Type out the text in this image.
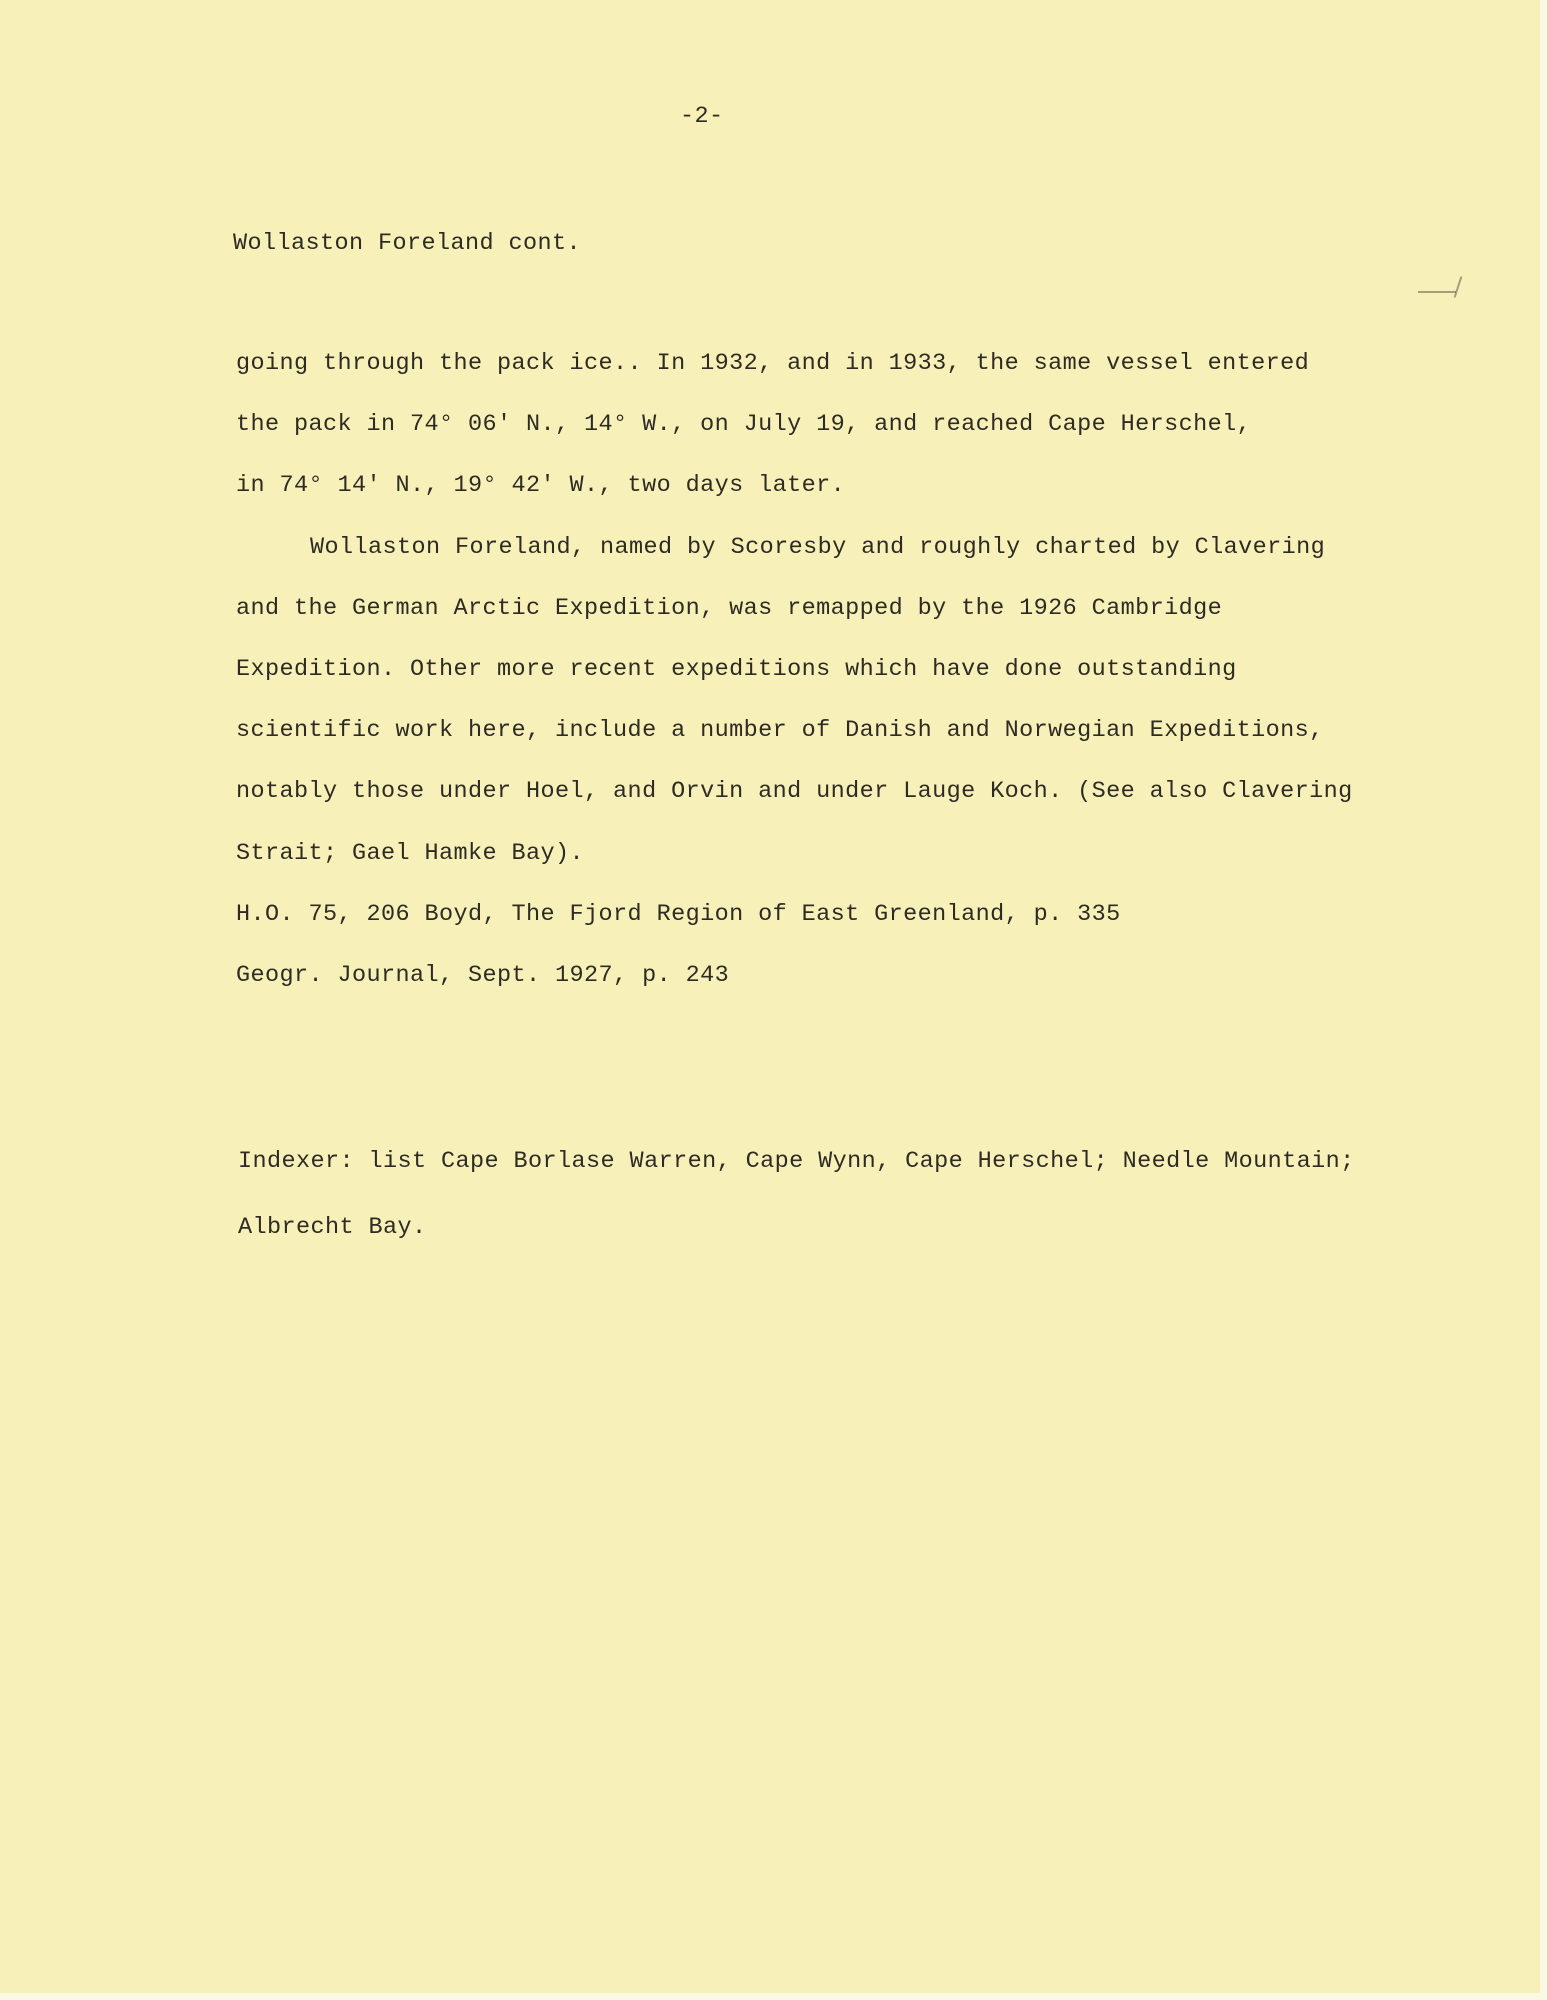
-2-
Wollaston Foreland cont.
going through the pack ice.. In 1932, and in 1933, the same vessel entered
the pack in 74° 06' N., 14° W., on July 19, and reached Cape Herschel,
in 74° 14' N., 19° 42' W., two days later.
Wollaston Foreland, named by Scoresby and roughly charted by Clavering
and the German Arctic Expedition, was remapped by the 1926 Cambridge
Expedition. Other more recent expeditions which have done outstanding
scientific work here, include a number of Danish and Norwegian Expeditions,
notably those under Hoel, and Orvin and under Lauge Koch. (See also Clavering
Strait; Gael Hamke Bay).
H.O. 75, 206 Boyd, The Fjord Region of East Greenland, p. 335
Geogr. Journal, Sept. 1927, p. 243
Indexer: list Cape Borlase Warren, Cape Wynn, Cape Herschel; Needle Mountain;
Albrecht Bay.
